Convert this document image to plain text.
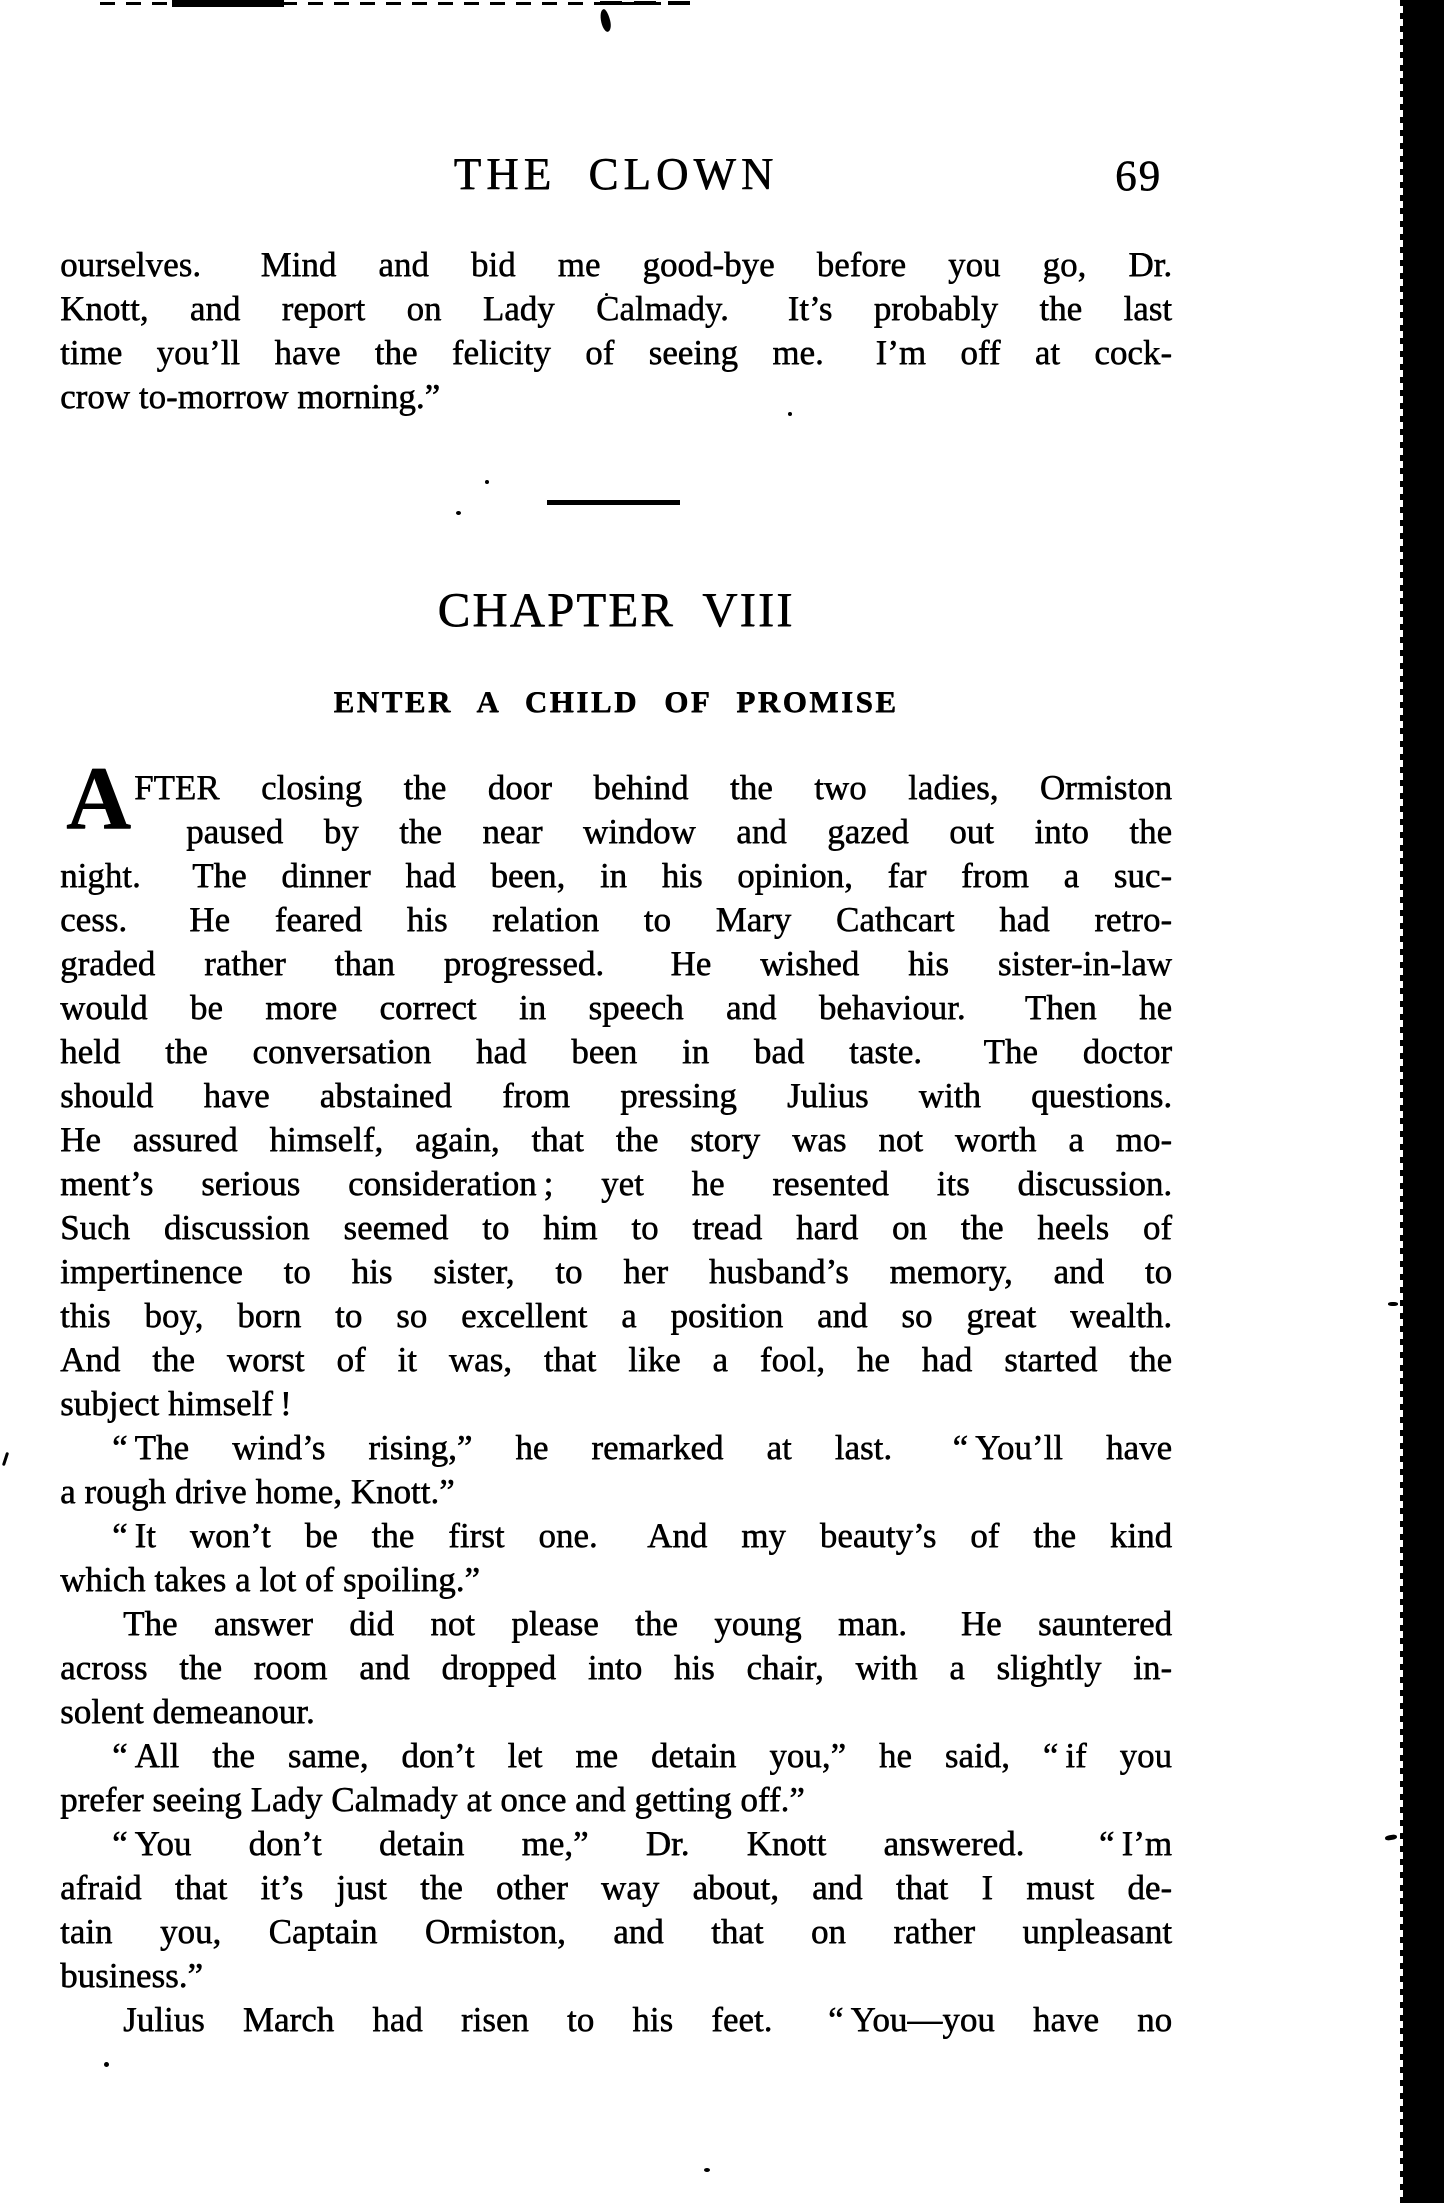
THE CLOWN	69
ourselves.  Mind and bid me good-bye before you go, Dr.
Knott, and report on Lady Calmady.  It’s probably the last
time you’ll have the felicity of seeing me.  I’m off at cock-
crow to-morrow morning.”
CHAPTER VIII
ENTER A CHILD OF PROMISE
A FTER closing the door behind the two ladies, Ormiston
paused by the near window and gazed out into the
night.  The dinner had been, in his opinion, far from a suc-
cess.  He feared his relation to Mary Cathcart had retro-
graded rather than progressed.  He wished his sister-in-law
would be more correct in speech and behaviour.  Then he
held the conversation had been in bad taste.  The doctor
should have abstained from pressing Julius with questions.
He assured himself, again, that the story was not worth a mo-
ment’s serious consideration ; yet he resented its discussion.
Such discussion seemed to him to tread hard on the heels of
impertinence to his sister, to her husband’s memory, and to
this boy, born to so excellent a position and so great wealth.
And the worst of it was, that like a fool, he had started the
subject himself !
“ The wind’s rising,” he remarked at last.  “ You’ll have
a rough drive home, Knott.”
“ It won’t be the first one.  And my beauty’s of the kind
which takes a lot of spoiling.”
The answer did not please the young man.  He sauntered
across the room and dropped into his chair, with a slightly in-
solent demeanour.
“ All the same, don’t let me detain you,” he said, “ if you
prefer seeing Lady Calmady at once and getting off.”
“ You don’t detain me,” Dr. Knott answered.  “ I’m
afraid that it’s just the other way about, and that I must de-
tain you, Captain Ormiston, and that on rather unpleasant
business.”
Julius March had risen to his feet.  “ You—you have no
